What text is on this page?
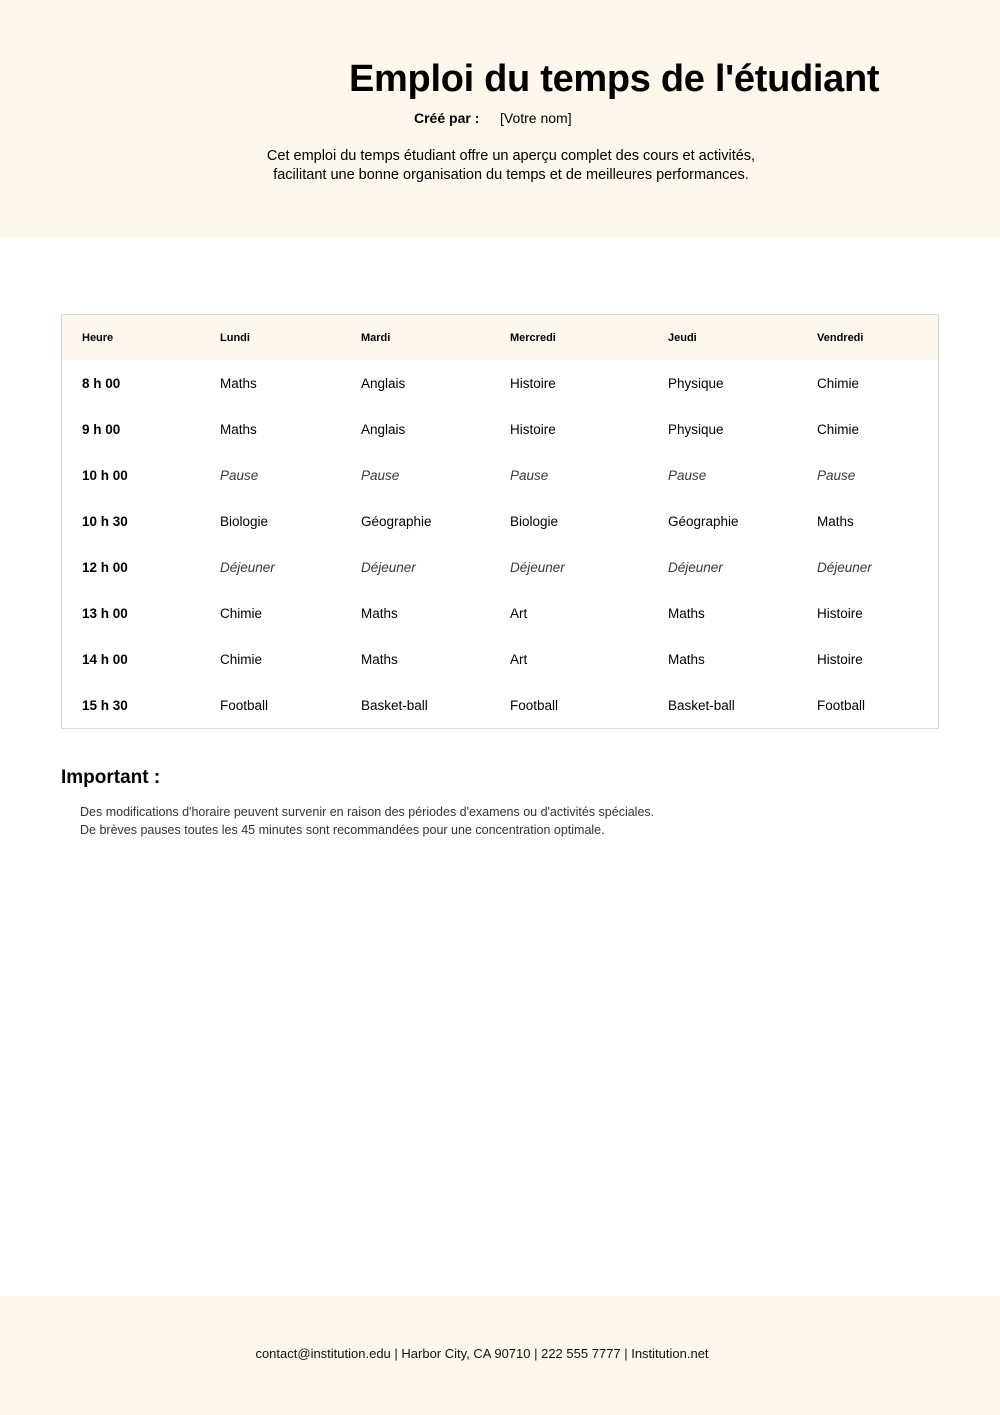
Emploi du temps de l'étudiant
Créé par : [Votre nom]
Cet emploi du temps étudiant offre un aperçu complet des cours et activités,
facilitant une bonne organisation du temps et de meilleures performances.
Heure	Lundi	Mardi	Mercredi	Jeudi	Vendredi
8 h 00	Maths	Anglais	Histoire	Physique	Chimie
9 h 00	Maths	Anglais	Histoire	Physique	Chimie
10 h 00	Pause	Pause	Pause	Pause	Pause
10 h 30	Biologie	Géographie	Biologie	Géographie	Maths
12 h 00	Déjeuner	Déjeuner	Déjeuner	Déjeuner	Déjeuner
13 h 00	Chimie	Maths	Art	Maths	Histoire
14 h 00	Chimie	Maths	Art	Maths	Histoire
15 h 30	Football	Basket-ball	Football	Basket-ball	Football
Important :
Des modifications d'horaire peuvent survenir en raison des périodes d'examens ou d'activités spéciales.
De brèves pauses toutes les 45 minutes sont recommandées pour une concentration optimale.
contact@institution.edu | Harbor City, CA 90710 | 222 555 7777 | Institution.net
